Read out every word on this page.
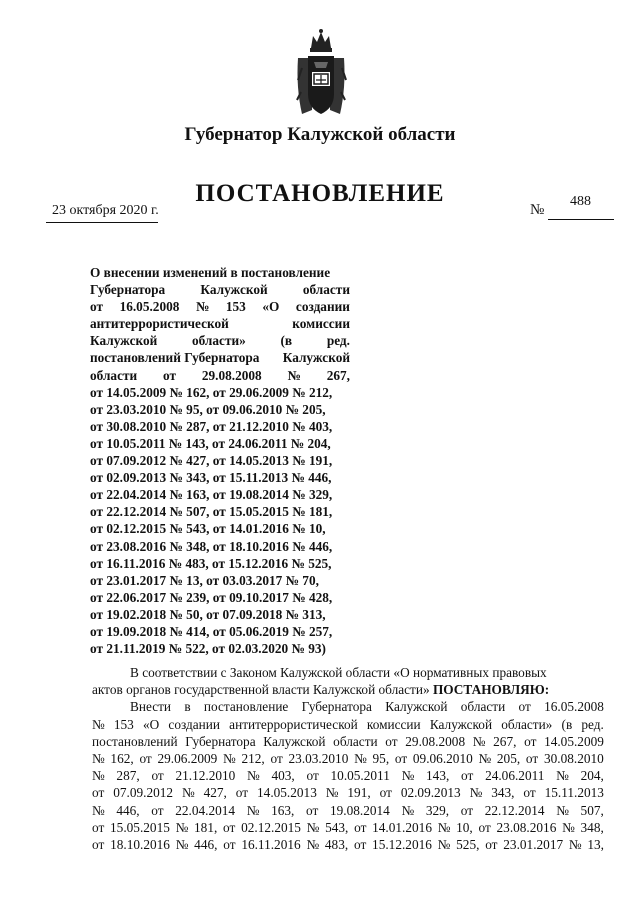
Губернатор Калужской области
ПОСТАНОВЛЕНИЕ
23 октября 2020 г.	№
488
О внесении изменений в постановление
Губернатора	Калужской	области
от 16.05.2008 № 153 «О создании
антитеррористической	комиссии
Калужской	области»	(в	ред.
постановлений Губернатора Калужской
области от 29.08.2008 № 267,
от 14.05.2009 № 162, от 29.06.2009 № 212,
от 23.03.2010 № 95, от 09.06.2010 № 205,
от 30.08.2010 № 287, от 21.12.2010 № 403,
от 10.05.2011 № 143, от 24.06.2011 № 204,
от 07.09.2012 № 427, от 14.05.2013 № 191,
от 02.09.2013 № 343, от 15.11.2013 № 446,
от 22.04.2014 № 163, от 19.08.2014 № 329,
от 22.12.2014 № 507, от 15.05.2015 № 181,
от 02.12.2015 № 543, от 14.01.2016 № 10,
от 23.08.2016 № 348, от 18.10.2016 № 446,
от 16.11.2016 № 483, от 15.12.2016 № 525,
от 23.01.2017 № 13, от 03.03.2017 № 70,
от 22.06.2017 № 239, от 09.10.2017 № 428,
от 19.02.2018 № 50, от 07.09.2018 № 313,
от 19.09.2018 № 414, от 05.06.2019 № 257,
от 21.11.2019 № 522, от 02.03.2020 № 93)
В соответствии с Законом Калужской области «О нормативных правовых
актов органов государственной власти Калужской области» ПОСТАНОВЛЯЮ:
Внести в постановление Губернатора Калужской области от 16.05.2008
№ 153 «О создании антитеррористической комиссии Калужской области» (в ред.
постановлений Губернатора Калужской области от 29.08.2008 № 267, от 14.05.2009
№ 162, от 29.06.2009 № 212, от 23.03.2010 № 95, от 09.06.2010 № 205, от 30.08.2010
№ 287, от 21.12.2010 № 403, от 10.05.2011 № 143, от 24.06.2011 № 204,
от 07.09.2012 № 427, от 14.05.2013 № 191, от 02.09.2013 № 343, от 15.11.2013
№ 446, от 22.04.2014 № 163, от 19.08.2014 № 329, от 22.12.2014 № 507,
от 15.05.2015 № 181, от 02.12.2015 № 543, от 14.01.2016 № 10, от 23.08.2016 № 348,
от 18.10.2016 № 446, от 16.11.2016 № 483, от 15.12.2016 № 525, от 23.01.2017 № 13,
